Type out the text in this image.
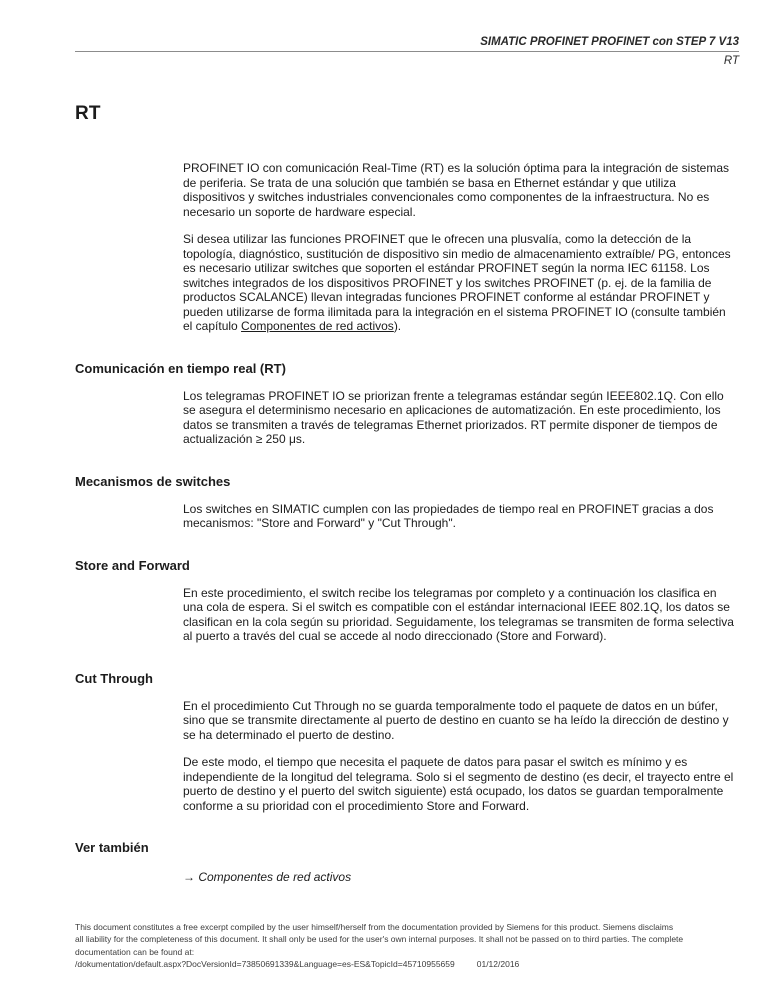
SIMATIC PROFINET PROFINET con STEP 7 V13
RT
RT

PROFINET IO con comunicación Real-Time (RT) es la solución óptima para la integración de sistemas de periferia. Se trata de una solución que también se basa en Ethernet estándar y que utiliza dispositivos y switches industriales convencionales como componentes de la infraestructura. No es necesario un soporte de hardware especial.

Si desea utilizar las funciones PROFINET que le ofrecen una plusvalía, como la detección de la topología, diagnóstico, sustitución de dispositivo sin medio de almacenamiento extraíble/ PG, entonces es necesario utilizar switches que soporten el estándar PROFINET según la norma IEC 61158. Los switches integrados de los dispositivos PROFINET y los switches PROFINET (p. ej. de la familia de productos SCALANCE) llevan integradas funciones PROFINET conforme al estándar PROFINET y pueden utilizarse de forma ilimitada para la integración en el sistema PROFINET IO (consulte también el capítulo Componentes de red activos).

Comunicación en tiempo real (RT)

Los telegramas PROFINET IO se priorizan frente a telegramas estándar según IEEE802.1Q. Con ello se asegura el determinismo necesario en aplicaciones de automatización. En este procedimiento, los datos se transmiten a través de telegramas Ethernet priorizados. RT permite disponer de tiempos de actualización ≥ 250 μs.

Mecanismos de switches

Los switches en SIMATIC cumplen con las propiedades de tiempo real en PROFINET gracias a dos mecanismos: "Store and Forward" y "Cut Through".

Store and Forward

En este procedimiento, el switch recibe los telegramas por completo y a continuación los clasifica en una cola de espera. Si el switch es compatible con el estándar internacional IEEE 802.1Q, los datos se clasifican en la cola según su prioridad. Seguidamente, los telegramas se transmiten de forma selectiva al puerto a través del cual se accede al nodo direccionado (Store and Forward).

Cut Through

En el procedimiento Cut Through no se guarda temporalmente todo el paquete de datos en un búfer, sino que se transmite directamente al puerto de destino en cuanto se ha leído la dirección de destino y se ha determinado el puerto de destino.

De este modo, el tiempo que necesita el paquete de datos para pasar el switch es mínimo y es independiente de la longitud del telegrama. Solo si el segmento de destino (es decir, el trayecto entre el puerto de destino y el puerto del switch siguiente) está ocupado, los datos se guardan temporalmente conforme a su prioridad con el procedimiento Store and Forward.

Ver también
→ Componentes de red activos
This document constitutes a free excerpt compiled by the user himself/herself from the documentation provided by Siemens for this product. Siemens disclaims
all liability for the completeness of this document. It shall only be used for the user's own internal purposes. It shall not be passed on to third parties. The complete
documentation can be found at:
/dokumentation/default.aspx?DocVersionId=73850691339&Language=es-ES&TopicId=45710955659	01/12/2016
